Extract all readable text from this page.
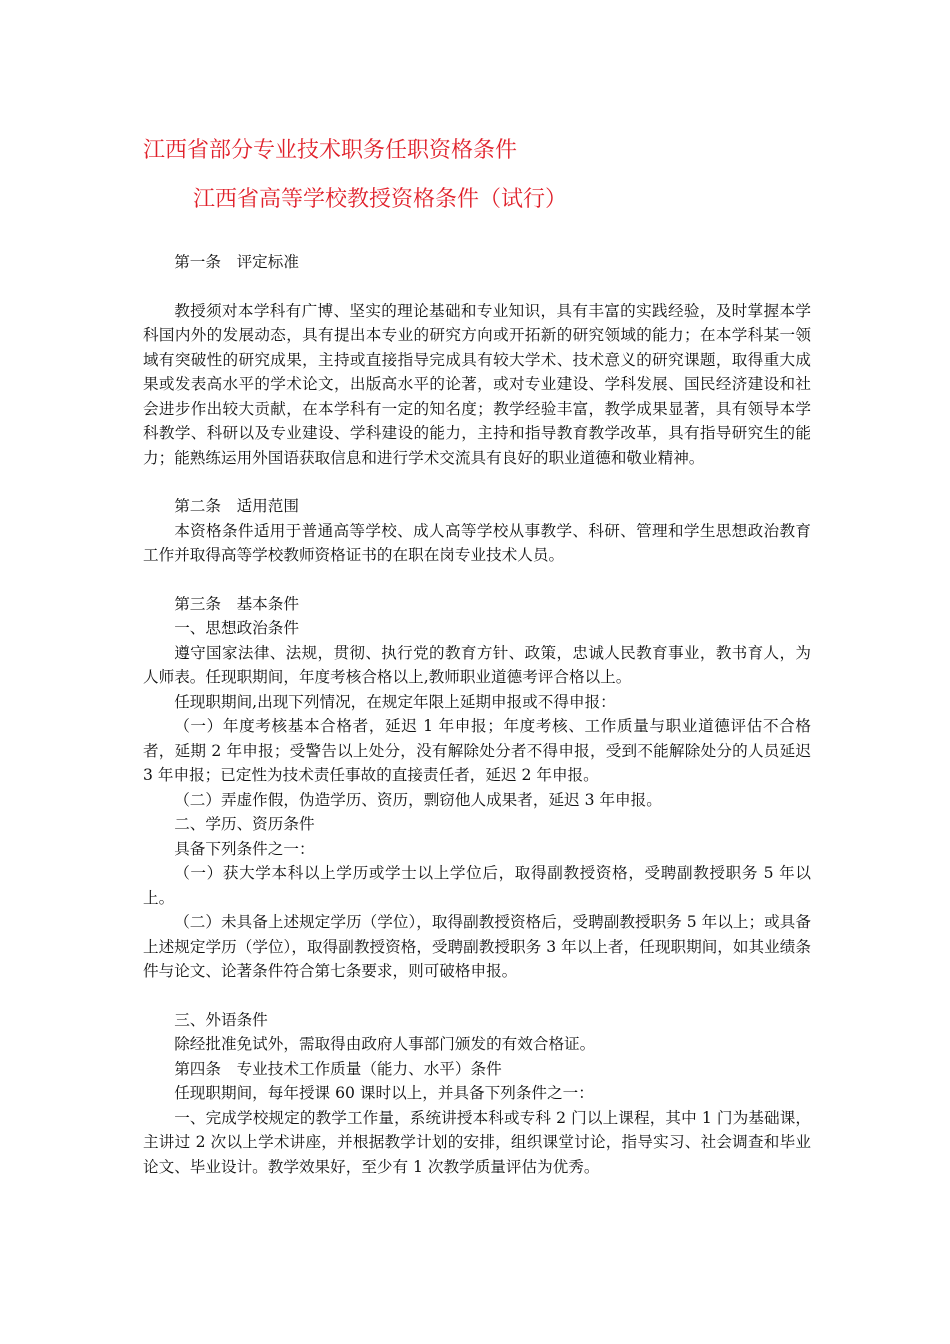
江西省部分专业技术职务任职资格条件
江西省高等学校教授资格条件（试行）

第一条　评定标准

教授须对本学科有广博、坚实的理论基础和专业知识，具有丰富的实践经验，及时掌握本学科国内外的发展动态，具有提出本专业的研究方向或开拓新的研究领域的能力；在本学科某一领域有突破性的研究成果，主持或直接指导完成具有较大学术、技术意义的研究课题，取得重大成果或发表高水平的学术论文，出版高水平的论著，或对专业建设、学科发展、国民经济建设和社会进步作出较大贡献，在本学科有一定的知名度；教学经验丰富，教学成果显著，具有领导本学科教学、科研以及专业建设、学科建设的能力，主持和指导教育教学改革，具有指导研究生的能力；能熟练运用外国语获取信息和进行学术交流具有良好的职业道德和敬业精神。

第二条　适用范围

本资格条件适用于普通高等学校、成人高等学校从事教学、科研、管理和学生思想政治教育工作并取得高等学校教师资格证书的在职在岗专业技术人员。

第三条　基本条件

一、思想政治条件

遵守国家法律、法规，贯彻、执行党的教育方针、政策，忠诚人民教育事业，教书育人，为人师表。任现职期间，年度考核合格以上,教师职业道德考评合格以上。

任现职期间,出现下列情况，在规定年限上延期申报或不得申报：

（一）年度考核基本合格者，延迟 1 年申报；年度考核、工作质量与职业道德评估不合格者，延期 2 年申报；受警告以上处分，没有解除处分者不得申报，受到不能解除处分的人员延迟 3 年申报；已定性为技术责任事故的直接责任者，延迟 2 年申报。

（二）弄虚作假，伪造学历、资历，剽窃他人成果者，延迟 3 年申报。

二、学历、资历条件

具备下列条件之一：

（一）获大学本科以上学历或学士以上学位后，取得副教授资格，受聘副教授职务 5 年以上。

（二）未具备上述规定学历（学位），取得副教授资格后，受聘副教授职务 5 年以上；或具备上述规定学历（学位），取得副教授资格，受聘副教授职务 3 年以上者，任现职期间，如其业绩条件与论文、论著条件符合第七条要求，则可破格申报。

三、外语条件

除经批准免试外，需取得由政府人事部门颁发的有效合格证。

第四条　专业技术工作质量（能力、水平）条件

任现职期间，每年授课 60 课时以上，并具备下列条件之一：

一、完成学校规定的教学工作量，系统讲授本科或专科 2 门以上课程，其中 1 门为基础课，主讲过 2 次以上学术讲座，并根据教学计划的安排，组织课堂讨论，指导实习、社会调查和毕业论文、毕业设计。教学效果好，至少有 1 次教学质量评估为优秀。
